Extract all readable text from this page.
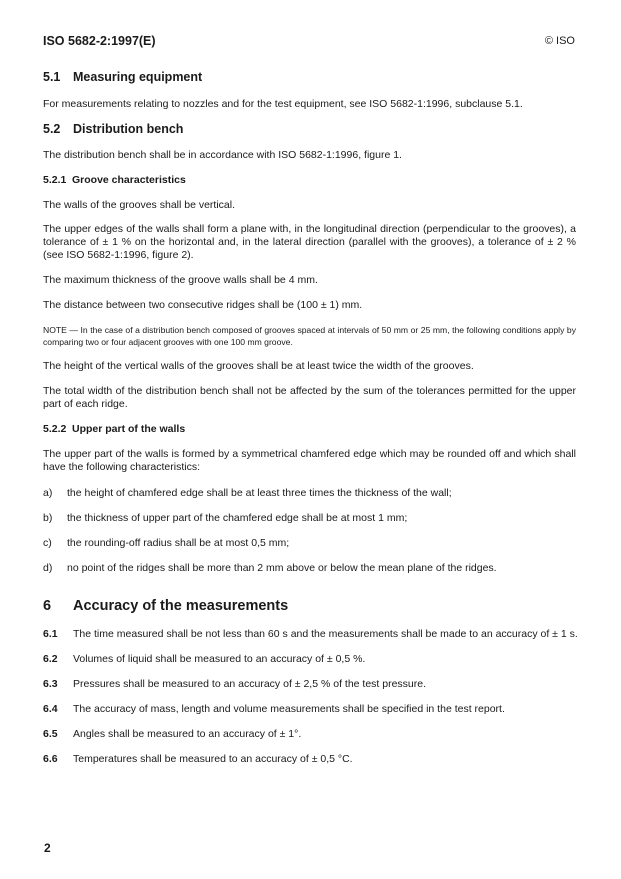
ISO 5682-2:1997(E)	© ISO
5.1 Measuring equipment
For measurements relating to nozzles and for the test equipment, see ISO 5682-1:1996, subclause 5.1.
5.2 Distribution bench
The distribution bench shall be in accordance with ISO 5682-1:1996, figure 1.
5.2.1 Groove characteristics
The walls of the grooves shall be vertical.
The upper edges of the walls shall form a plane with, in the longitudinal direction (perpendicular to the grooves), a tolerance of ± 1 % on the horizontal and, in the lateral direction (parallel with the grooves), a tolerance of ± 2 % (see ISO 5682-1:1996, figure 2).
The maximum thickness of the groove walls shall be 4 mm.
The distance between two consecutive ridges shall be (100 ± 1) mm.
NOTE — In the case of a distribution bench composed of grooves spaced at intervals of 50 mm or 25 mm, the following conditions apply by comparing two or four adjacent grooves with one 100 mm groove.
The height of the vertical walls of the grooves shall be at least twice the width of the grooves.
The total width of the distribution bench shall not be affected by the sum of the tolerances permitted for the upper part of each ridge.
5.2.2 Upper part of the walls
The upper part of the walls is formed by a symmetrical chamfered edge which may be rounded off and which shall have the following characteristics:
a) the height of chamfered edge shall be at least three times the thickness of the wall;
b) the thickness of upper part of the chamfered edge shall be at most 1 mm;
c) the rounding-off radius shall be at most 0,5 mm;
d) no point of the ridges shall be more than 2 mm above or below the mean plane of the ridges.
6 Accuracy of the measurements
6.1 The time measured shall be not less than 60 s and the measurements shall be made to an accuracy of ± 1 s.
6.2 Volumes of liquid shall be measured to an accuracy of ± 0,5 %.
6.3 Pressures shall be measured to an accuracy of ± 2,5 % of the test pressure.
6.4 The accuracy of mass, length and volume measurements shall be specified in the test report.
6.5 Angles shall be measured to an accuracy of ± 1°.
6.6 Temperatures shall be measured to an accuracy of ± 0,5 °C.
2
